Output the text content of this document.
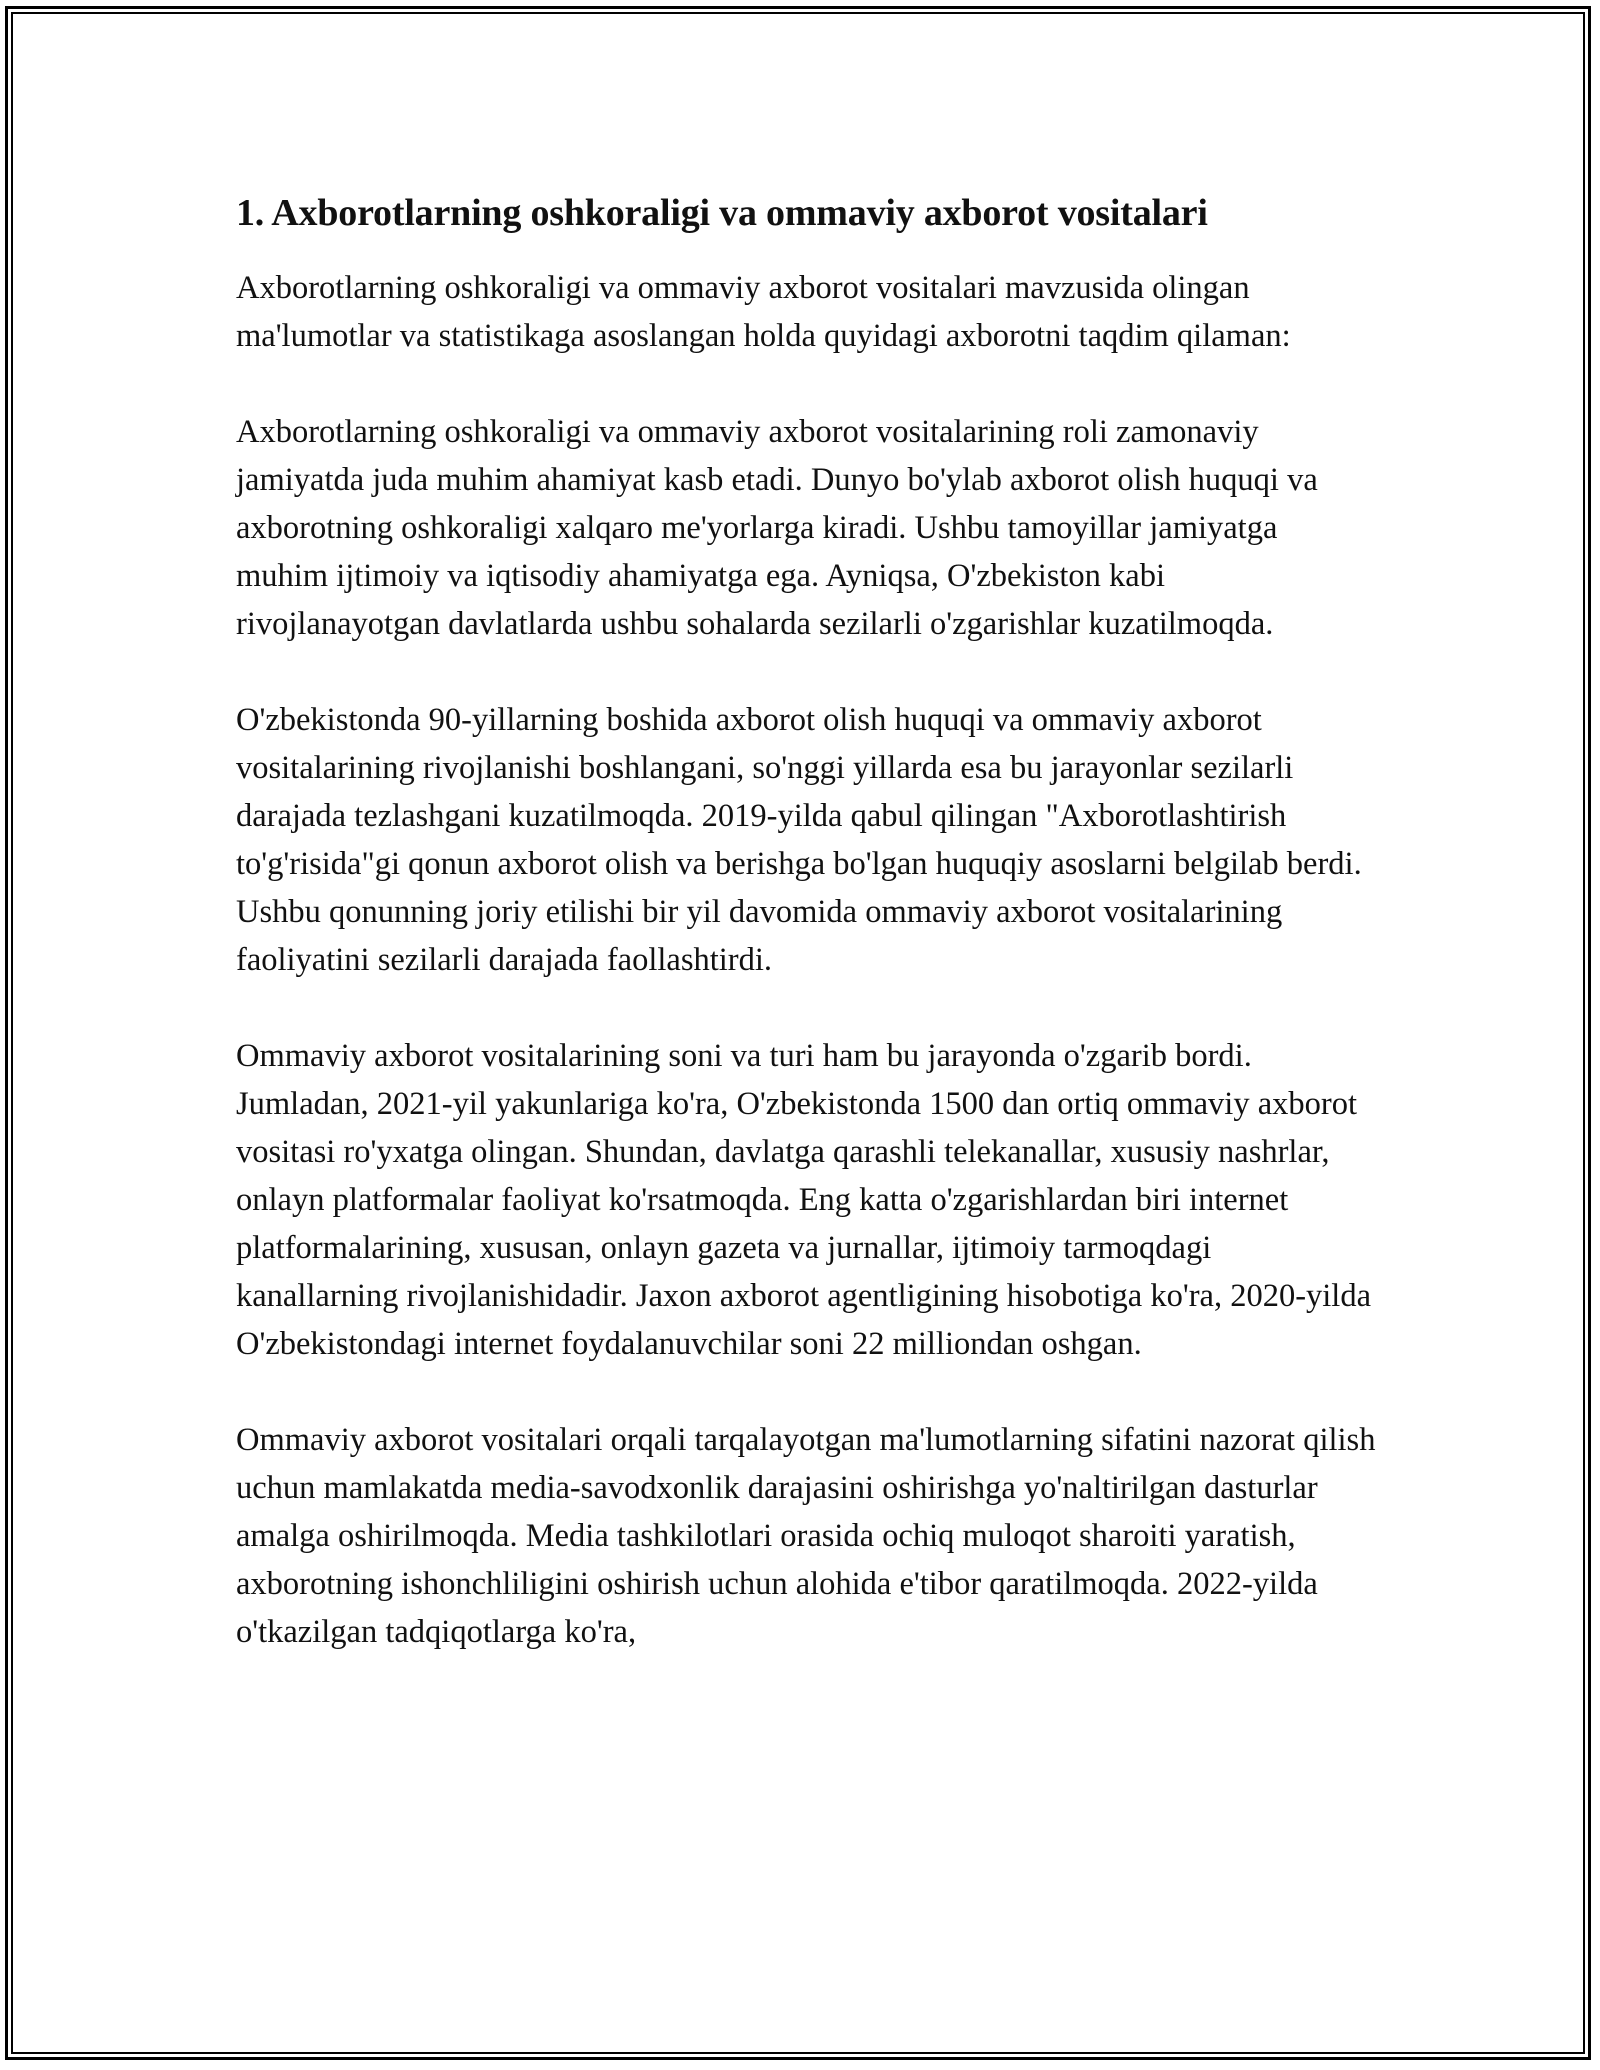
1. Axborotlarning oshkoraligi va ommaviy axborot vositalari

Axborotlarning oshkoraligi va ommaviy axborot vositalari mavzusida olingan ma'lumotlar va statistikaga asoslangan holda quyidagi axborotni taqdim qilaman:

Axborotlarning oshkoraligi va ommaviy axborot vositalarining roli zamonaviy jamiyatda juda muhim ahamiyat kasb etadi. Dunyo bo'ylab axborot olish huquqi va axborotning oshkoraligi xalqaro me'yorlarga kiradi. Ushbu tamoyillar jamiyatga muhim ijtimoiy va iqtisodiy ahamiyatga ega. Ayniqsa, O'zbekiston kabi rivojlanayotgan davlatlarda ushbu sohalarda sezilarli o'zgarishlar kuzatilmoqda.

O'zbekistonda 90-yillarning boshida axborot olish huquqi va ommaviy axborot vositalarining rivojlanishi boshlangani, so'nggi yillarda esa bu jarayonlar sezilarli darajada tezlashgani kuzatilmoqda. 2019-yilda qabul qilingan "Axborotlashtirish to'g'risida"gi qonun axborot olish va berishga bo'lgan huquqiy asoslarni belgilab berdi. Ushbu qonunning joriy etilishi bir yil davomida ommaviy axborot vositalarining faoliyatini sezilarli darajada faollashtirdi.

Ommaviy axborot vositalarining soni va turi ham bu jarayonda o'zgarib bordi. Jumladan, 2021-yil yakunlariga ko'ra, O'zbekistonda 1500 dan ortiq ommaviy axborot vositasi ro'yxatga olingan. Shundan, davlatga qarashli telekanallar, xususiy nashrlar, onlayn platformalar faoliyat ko'rsatmoqda. Eng katta o'zgarishlardan biri internet platformalarining, xususan, onlayn gazeta va jurnallar, ijtimoiy tarmoqdagi kanallarning rivojlanishidadir. Jaxon axborot agentligining hisobotiga ko'ra, 2020-yilda O'zbekistondagi internet foydalanuvchilar soni 22 milliondan oshgan.

Ommaviy axborot vositalari orqali tarqalayotgan ma'lumotlarning sifatini nazorat qilish uchun mamlakatda media-savodxonlik darajasini oshirishga yo'naltirilgan dasturlar amalga oshirilmoqda. Media tashkilotlari orasida ochiq muloqot sharoiti yaratish, axborotning ishonchliligini oshirish uchun alohida e'tibor qaratilmoqda. 2022-yilda o'tkazilgan tadqiqotlarga ko'ra,
